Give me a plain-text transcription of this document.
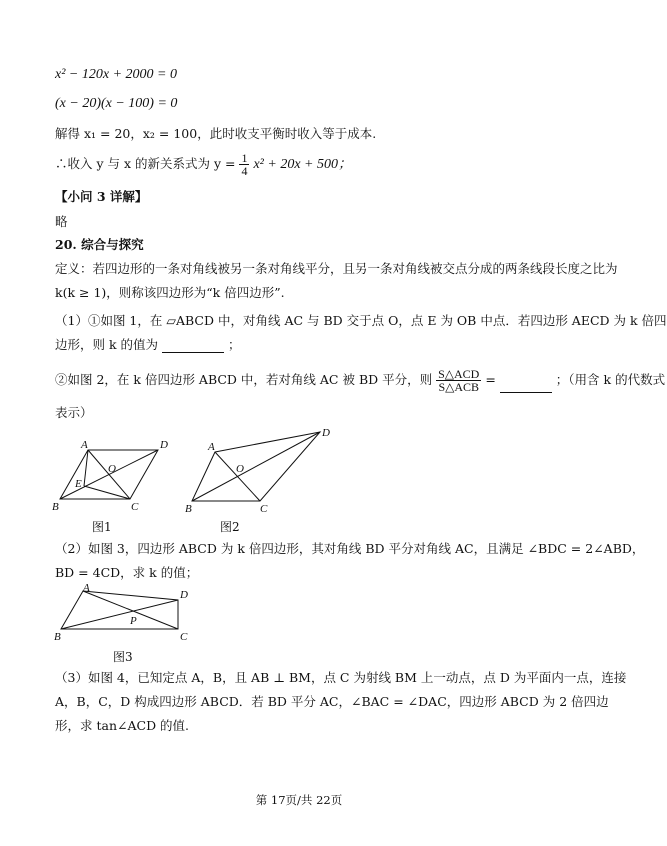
x² − 120x + 2000 = 0
(x − 20)(x − 100) = 0
解得 x₁ = 20，x₂ = 100，此时收支平衡时收入等于成本.
∴收入 y 与 x 的新关系式为 $y = \frac{1}{4} x^2 + 20x + 500$；
【小问 3 详解】
略
20. 综合与探究
定义：若四边形的一条对角线被另一条对角线平分，且另一条对角线被交点分成的两条线段长度之比为
k(k ≥ 1)，则称该四边形为“k 倍四边形”.
（1）①如图 1，在 ▱ABCD 中，对角线 AC 与 BD 交于点 O，点 E 为 OB 中点．若四边形 AECD 为 k 倍四
边形，则 k 的值为	；
②如图 2，在 k 倍四边形 ABCD 中，若对角线 AC 被 BD 平分，则 $\frac{\text{S△ACD}}{\text{S△ACB}}$ =	；（用含 k 的代数式
表示）
A	D
B	C
O
E
图1
A
D
B	C
O
图2
（2）如图 3，四边形 ABCD 为 k 倍四边形，其对角线 BD 平分对角线 AC，且满足 ∠BDC = 2∠ABD，
BD = 4CD，求 k 的值；
A
D
B	C
P
图3
（3）如图 4，已知定点 A，B，且 AB ⊥ BM，点 C 为射线 BM 上一动点，点 D 为平面内一点，连接
A，B，C，D 构成四边形 ABCD．若 BD 平分 AC，∠BAC = ∠DAC，四边形 ABCD 为 2 倍四边
形，求 tan∠ACD 的值.
第 17页/共 22页
